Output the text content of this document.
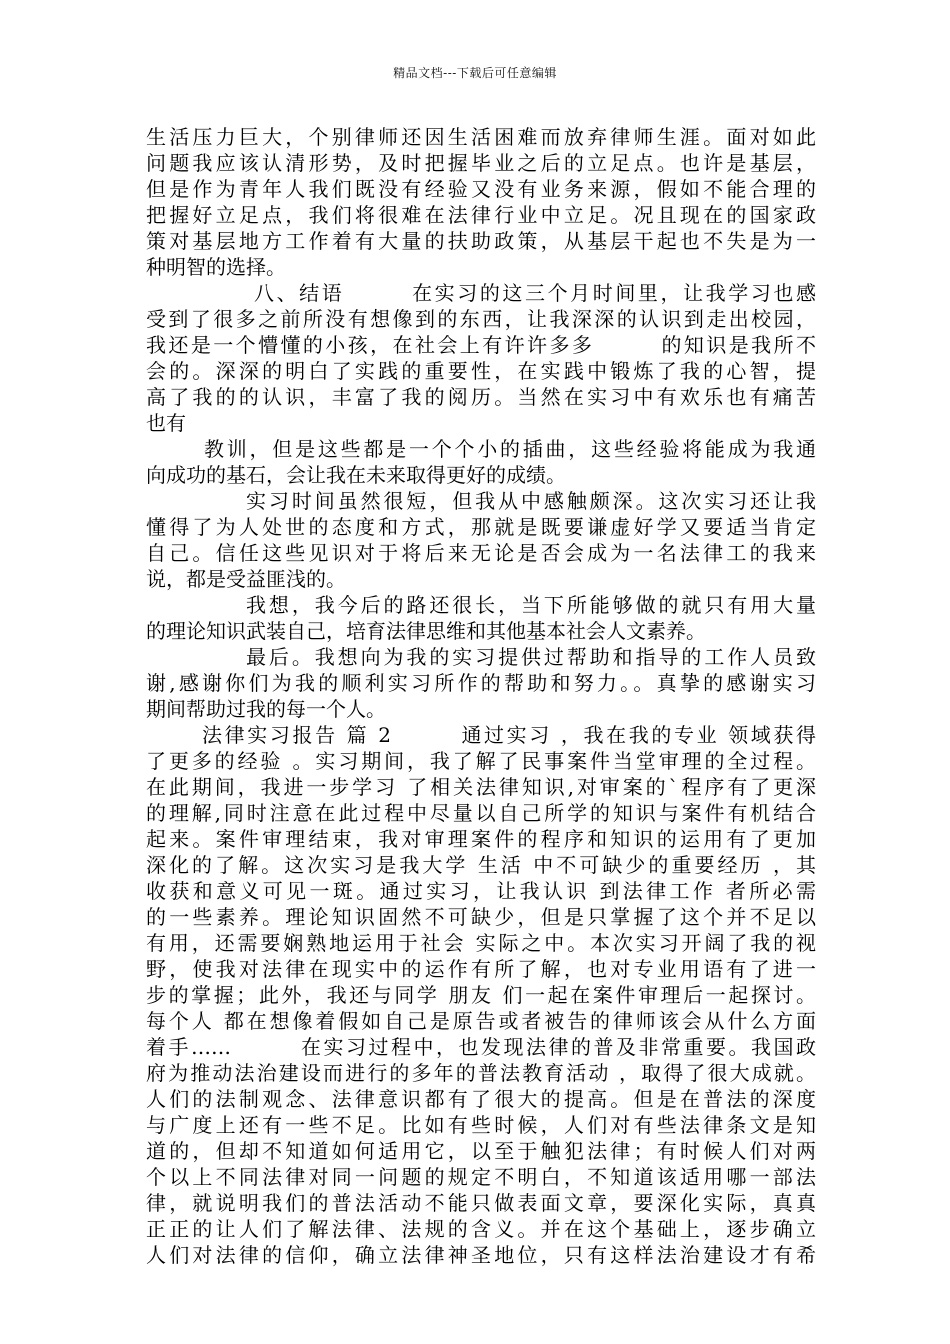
精品文档---下载后可任意编辑
生活压力巨大，个别律师还因生活困难而放弃律师生涯。面对如此
问题我应该认清形势，及时把握毕业之后的立足点。也许是基层，
但是作为青年人我们既没有经验又没有业务来源，假如不能合理的
把握好立足点，我们将很难在法律行业中立足。况且现在的国家政
策对基层地方工作着有大量的扶助政策，从基层干起也不失是为一
种明智的选择。
八、结语　　　在实习的这三个月时间里，让我学习也感
受到了很多之前所没有想像到的东西，让我深深的认识到走出校园，
我还是一个懵懂的小孩，在社会上有许许多多　　　的知识是我所不
会的。深深的明白了实践的重要性，在实践中锻炼了我的心智，提
高了我的的认识，丰富了我的阅历。当然在实习中有欢乐也有痛苦
也有
教训，但是这些都是一个个小的插曲，这些经验将能成为我通
向成功的基石，会让我在未来取得更好的成绩。
实习时间虽然很短，但我从中感触颇深。这次实习还让我
懂得了为人处世的态度和方式，那就是既要谦虚好学又要适当肯定
自己。信任这些见识对于将后来无论是否会成为一名法律工的我来
说，都是受益匪浅的。
我想，我今后的路还很长，当下所能够做的就只有用大量
的理论知识武装自己，培育法律思维和其他基本社会人文素养。
最后。我想向为我的实习提供过帮助和指导的工作人员致
谢,感谢你们为我的顺利实习所作的帮助和努力。。真挚的感谢实习
期间帮助过我的每一个人。
法律实习报告 篇 2　　　通过实习 ，我在我的专业 领域获得
了更多的经验 。实习期间，我了解了民事案件当堂审理的全过程。
在此期间，我进一步学习 了相关法律知识,对审案的`程序有了更深
的理解,同时注意在此过程中尽量以自己所学的知识与案件有机结合
起来。案件审理结束，我对审理案件的程序和知识的运用有了更加
深化的了解。这次实习是我大学 生活 中不可缺少的重要经历 ，其
收获和意义可见一斑。通过实习，让我认识 到法律工作 者所必需
的一些素养。理论知识固然不可缺少，但是只掌握了这个并不足以
有用，还需要娴熟地运用于社会 实际之中。本次实习开阔了我的视
野，使我对法律在现实中的运作有所了解，也对专业用语有了进一
步的掌握；此外，我还与同学 朋友 们一起在案件审理后一起探讨。
每个人 都在想像着假如自己是原告或者被告的律师该会从什么方面
着手……　　　在实习过程中，也发现法律的普及非常重要。我国政
府为推动法治建设而进行的多年的普法教育活动 ，取得了很大成就。
人们的法制观念、法律意识都有了很大的提高。但是在普法的深度
与广度上还有一些不足。比如有些时候，人们对有些法律条文是知
道的，但却不知道如何适用它，以至于触犯法律；有时候人们对两
个以上不同法律对同一问题的规定不明白，不知道该适用哪一部法
律，就说明我们的普法活动不能只做表面文章，要深化实际，真真
正正的让人们了解法律、法规的含义。并在这个基础上，逐步确立
人们对法律的信仰，确立法律神圣地位，只有这样法治建设才有希
